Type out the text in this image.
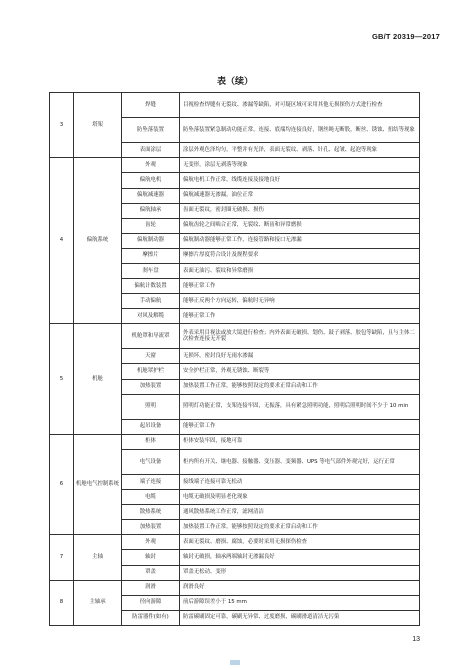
GB/T 20319—2017
表（续）
3	塔架	焊缝	目视检查焊缝有无裂纹、渗漏等缺陷，对可疑区域可采用其他无损探伤方式进行检查
		防坠落装置	防坠落装置紧急制动功能正常，连接、底端均连接良好，钢丝绳无断股，断丝、锈蚀、扭结等现象
		表面涂层	涂层外观色泽均匀，平整并有光泽，表面无裂纹、剥落、针孔、起皱、起泡等现象
4	偏航系统	外观	无变形，涂层无剥落等现象
		偏航电机	偏航电机工作正常，线缆连接及接地良好
		偏航减速器	偏航减速器无渗漏，油位正常
		偏航轴承	齿面无裂纹，密封圈无破损、损伤
		齿轮	偏航齿轮之间啮合正常，无裂纹、断齿和异常磨损
		偏航制动器	偏航制动器能够正常工作，连接管路和接口无渗漏
		摩擦片	摩擦片厚度符合设计及规程要求
		刹车盘	表面无油污、裂纹和异常磨损
		偏航计数装置	能够正常工作
		手动偏航	能够正反两个方向运转，偏航时无异响
		对风及解缆	能够正常工作
5	机舱	机舱罩和导流罩	外表采用目视法或放大镜进行检查；内外表面无破损、划伤、鼓子剥落、胶包等缺陷，且与主体二次检查连接无开裂
		天窗	无损坏，密封良好无雨水渗漏
		机舱罩护栏	安全护栏正常，外观无锈蚀、断裂等
		加热装置	加热装置工作正常，能够按照设定的要求正常启动和工作
		照明	照明灯功能正常，支架连接牢固，无振落，具有紧急照明功能，照明后照明时间不少于 10 min
		起吊设备	能够正常工作
6	机舱电气控制系统	柜体	柜体安装牢固，接地可靠
		电气设备	柜内所有开关、继电器、接触器、变压器、变频器、UPS 等电气部件外观完好，运行正常
		端子连接	接线端子连接可靠无松动
		电缆	电缆无破损及明显老化现象
		散热系统	通风散热系统工作正常，滤网清洁
		加热装置	加热装置工作正常，能够按照设定的要求正常启动和工作
7	主轴	外观	表面无裂纹、磨损、腐蚀，必要时采用无损探伤检查
		轴封	轴封无破损，轴承两端轴封无渗漏良好
		罩盖	罩盖无松动、变形
8	主轴承	润滑	润滑良好
		径向游隙	前后游隙误差小于 15 mm
		防雷器件(如有)	防雷碳刷固定可靠，碳刷无异常、过度磨损，碳刷滑道清洁无污染
13
